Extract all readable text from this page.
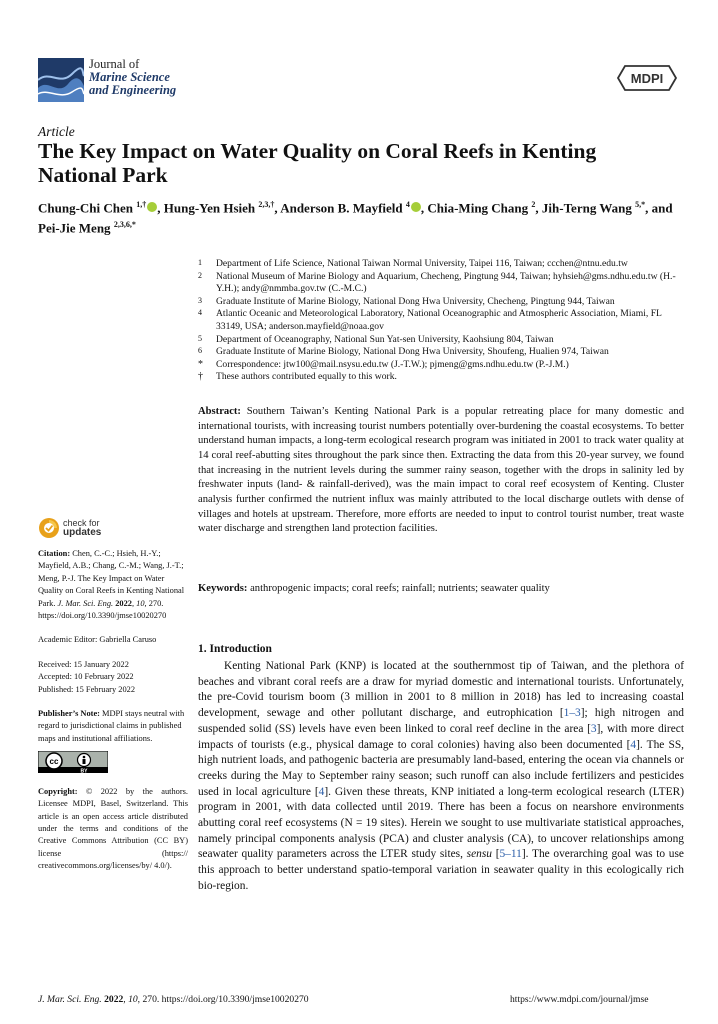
Journal of
Marine Science
and Engineering
MDPI
Article
The Key Impact on Water Quality on Coral Reefs in Kenting National Park
Chung-Chi Chen $^{1,\dagger}$ , Hung-Yen Hsieh $^{2,3,\dagger}$, Anderson B. Mayfield $^4$ , Chia-Ming Chang $^2$, Jih-Terng Wang $^{5,*}$, and Pei-Jie Meng $^{2,3,6,*}$
1 Department of Life Science, National Taiwan Normal University, Taipei 116, Taiwan; ccchen@ntnu.edu.tw
2 National Museum of Marine Biology and Aquarium, Checheng, Pingtung 944, Taiwan; hyhsieh@gms.ndhu.edu.tw (H.-Y.H.); andy@nmmba.gov.tw (C.-M.C.)
3 Graduate Institute of Marine Biology, National Dong Hwa University, Checheng, Pingtung 944, Taiwan
4 Atlantic Oceanic and Meteorological Laboratory, National Oceanographic and Atmospheric Association, Miami, FL 33149, USA; anderson.mayfield@noaa.gov
5 Department of Oceanography, National Sun Yat-sen University, Kaohsiung 804, Taiwan
6 Graduate Institute of Marine Biology, National Dong Hwa University, Shoufeng, Hualien 974, Taiwan
* Correspondence: jtw100@mail.nsysu.edu.tw (J.-T.W.); pjmeng@gms.ndhu.edu.tw (P.-J.M.)
† These authors contributed equally to this work.
Abstract: Southern Taiwan’s Kenting National Park is a popular retreating place for many domestic and international tourists, with increasing tourist numbers potentially over-burdening the coastal ecosystems. To better understand human impacts, a long-term ecological research program was initiated in 2001 to track water quality at 14 coral reef-abutting sites throughout the park since then. Extracting the data from this 20-year survey, we found that increasing in the nutrient levels during the summer rainy season, together with the drops in salinity led by freshwater inputs (land- & rainfall-derived), was the main impact to coral reef ecosystem of Kenting. Cluster analysis further confirmed the nutrient influx was mainly attributed to the local discharge outlets with dense of villages and hotels at upstream. Therefore, more efforts are needed to input to control tourist number, treat waste water discharge and strengthen land protection facilities.
Keywords: anthropogenic impacts; coral reefs; rainfall; nutrients; seawater quality
check for
updates

Citation: Chen, C.-C.; Hsieh, H.-Y.; Mayfield, A.B.; Chang, C.-M.; Wang, J.-T.; Meng, P.-J. The Key Impact on Water Quality on Coral Reefs in Kenting National Park. J. Mar. Sci. Eng. 2022, 10, 270. https://doi.org/10.3390/jmse10020270

Academic Editor: Gabriella Caruso

Received: 15 January 2022

Accepted: 10 February 2022

Published: 15 February 2022

Publisher’s Note: MDPI stays neutral with regard to jurisdictional claims in published maps and institutional affiliations.

cc
BY

Copyright: © 2022 by the authors. Licensee MDPI, Basel, Switzerland. This article is an open access article distributed under the terms and conditions of the Creative Commons Attribution (CC BY) license (https:// creativecommons.org/licenses/by/ 4.0/).

1. Introduction

Kenting National Park (KNP) is located at the southernmost tip of Taiwan, and the plethora of beaches and vibrant coral reefs are a draw for myriad domestic and international tourists. Unfortunately, the pre-Covid tourism boom (3 million in 2001 to 8 million in 2018) has led to increasing coastal development, sewage and other pollutant discharge, and eutrophication [1–3]; high nitrogen and suspended solid (SS) levels have even been linked to coral reef decline in the area [3], with more direct impacts of tourists (e.g., physical damage to coral colonies) having also been documented [4]. The SS, high nutrient loads, and pathogenic bacteria are presumably land-based, entering the ocean via channels or creeks during the May to September rainy season; such runoff can also include fertilizers and pesticides used in local agriculture [4]. Given these threats, KNP initiated a long-term ecological research (LTER) program in 2001, with data collected until 2019. There has been a focus on nearshore environments abutting coral reef ecosystems (N = 19 sites). Herein we sought to use multivariate statistical approaches, namely principal components analysis (PCA) and cluster analysis (CA), to uncover relationships among seawater quality parameters across the LTER study sites, sensu [5–11]. The overarching goal was to use this approach to better understand spatio-temporal variation in seawater quality in this ecologically rich bio-region.

J. Mar. Sci. Eng. 2022, 10, 270. https://doi.org/10.3390/jmse10020270	https://www.mdpi.com/journal/jmse
